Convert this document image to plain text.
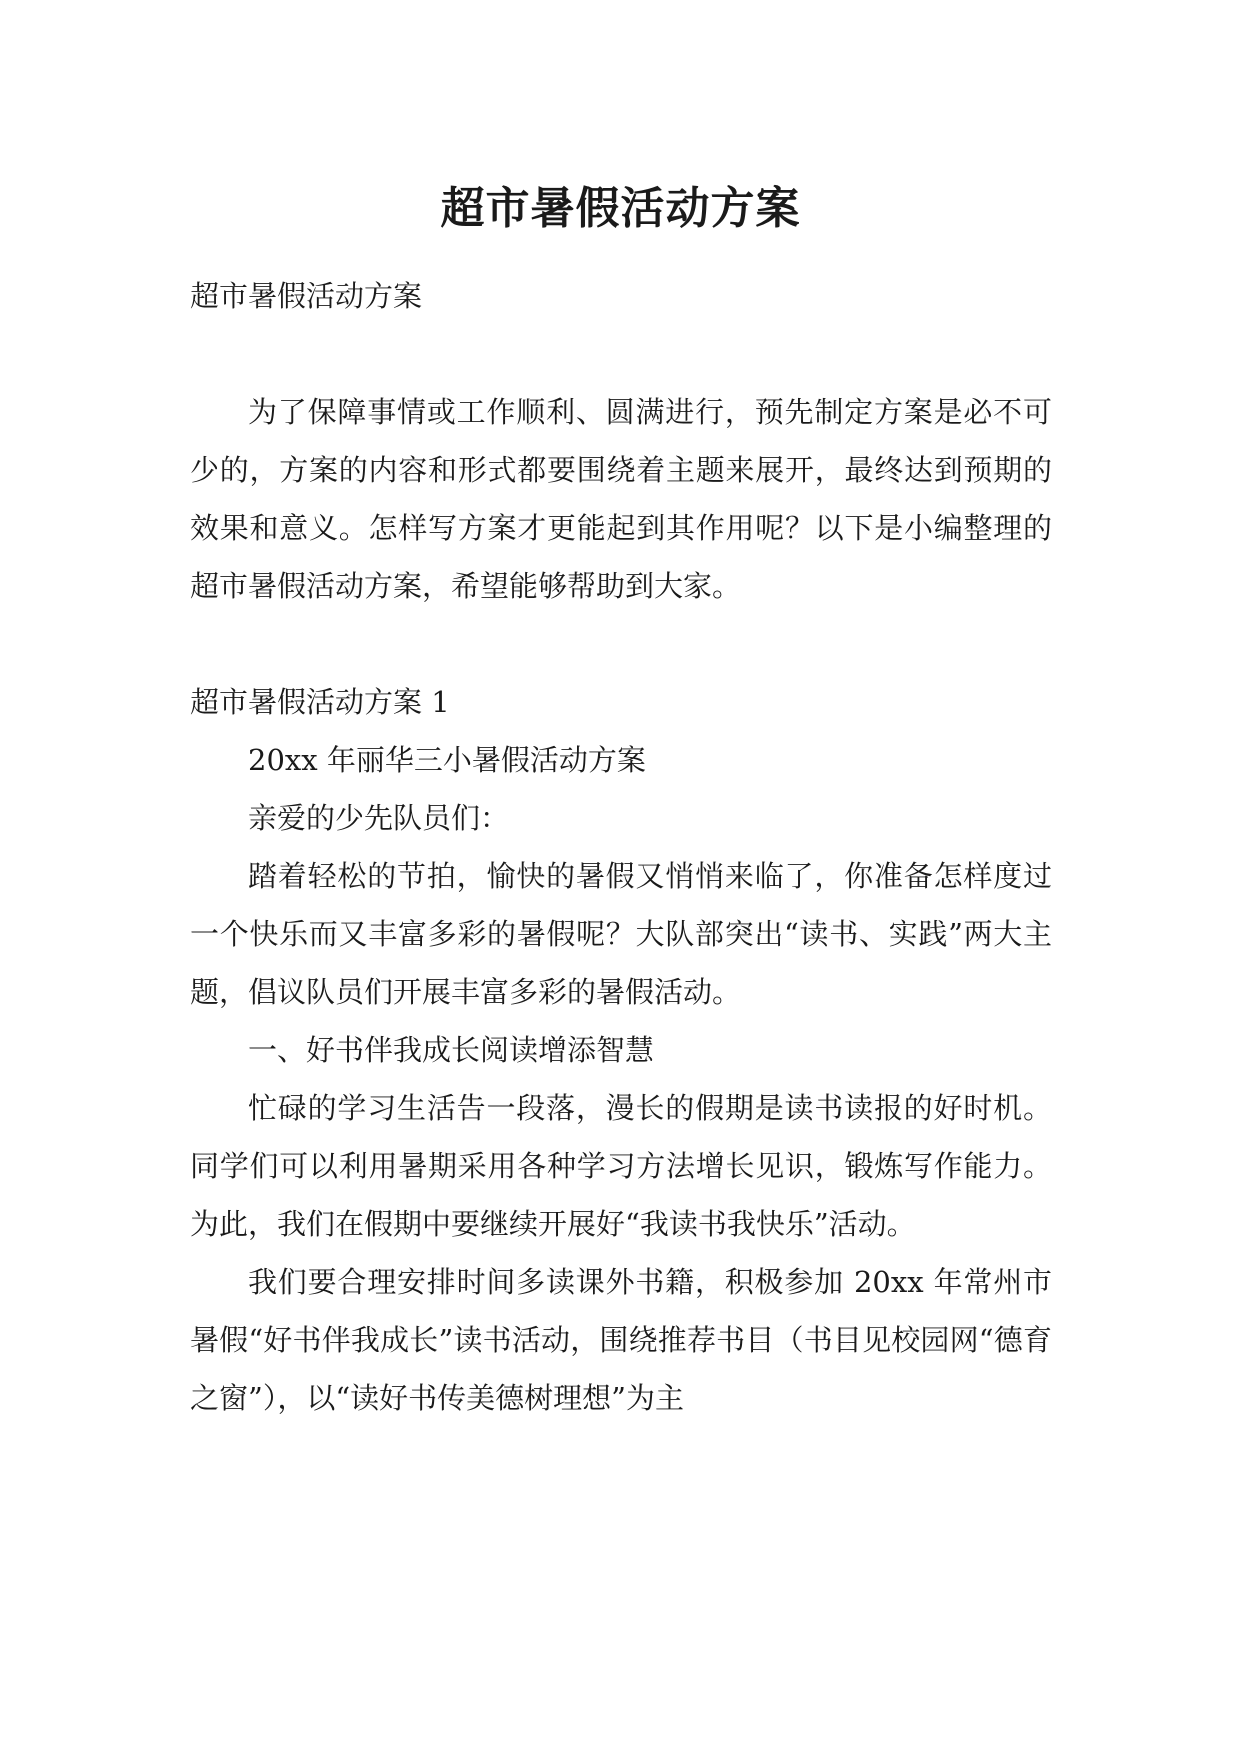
超市暑假活动方案

超市暑假活动方案

为了保障事情或工作顺利、圆满进行，预先制定方案是必不可少的，方案的内容和形式都要围绕着主题来展开，最终达到预期的效果和意义。怎样写方案才更能起到其作用呢？以下是小编整理的超市暑假活动方案，希望能够帮助到大家。

超市暑假活动方案 1

20xx 年丽华三小暑假活动方案

亲爱的少先队员们：

踏着轻松的节拍，愉快的暑假又悄悄来临了，你准备怎样度过一个快乐而又丰富多彩的暑假呢？大队部突出“读书、实践”两大主题，倡议队员们开展丰富多彩的暑假活动。

一、好书伴我成长阅读增添智慧

忙碌的学习生活告一段落，漫长的假期是读书读报的好时机。同学们可以利用暑期采用各种学习方法增长见识，锻炼写作能力。为此，我们在假期中要继续开展好“我读书我快乐”活动。

我们要合理安排时间多读课外书籍，积极参加 20xx 年常州市暑假“好书伴我成长”读书活动，围绕推荐书目（书目见校园网“德育之窗”），以“读好书传美德树理想”为主
